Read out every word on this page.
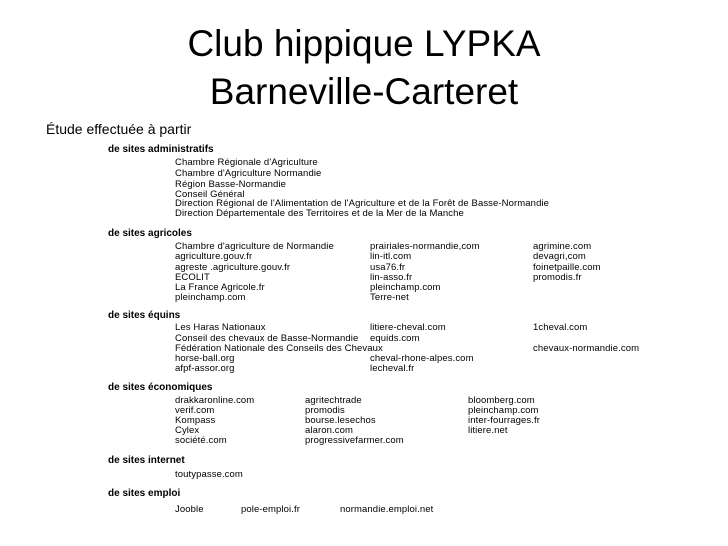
Club hippique LYPKA
Barneville-Carteret
Étude effectuée à partir
de sites administratifs
Chambre Régionale d'Agriculture
Chambre d'Agriculture Normandie
Région Basse-Normandie
Conseil Général
Direction Régional de l'Alimentation de l'Agriculture et de la Forêt de Basse-Normandie
Direction Départementale des Territoires et de la Mer de la Manche
de sites agricoles
Chambre d'agriculture de Normandie
agriculture.gouv.fr
agreste .agriculture.gouv.fr
ECOLIT
La France Agricole.fr
pleinchamp.com
prairiales-normandie,com
lin-itl.com
usa76.fr
lin-asso.fr
pleinchamp.com
Terre-net
agrimine.com
devagri,com
foinetpaille.com
promodis.fr
de sites équins
Les Haras Nationaux
Conseil des chevaux de Basse-Normandie
Fédération Nationale des Conseils des Chevaux
horse-ball.org
afpf-assor.org
litiere-cheval.com
equids.com
cheval-rhone-alpes.com
lecheval.fr
1cheval.com
chevaux-normandie.com
de sites économiques
drakkaronline.com
verif.com
Kompass
Cylex
société.com
agritechtrade
promodis
bourse.lesechos
alaron.com
progressivefarmer.com
bloomberg.com
pleinchamp.com
inter-fourrages.fr
litiere.net
de sites internet
toutypasse.com
de sites emploi
Jooble	pole-emploi.fr	normandie.emploi.net
